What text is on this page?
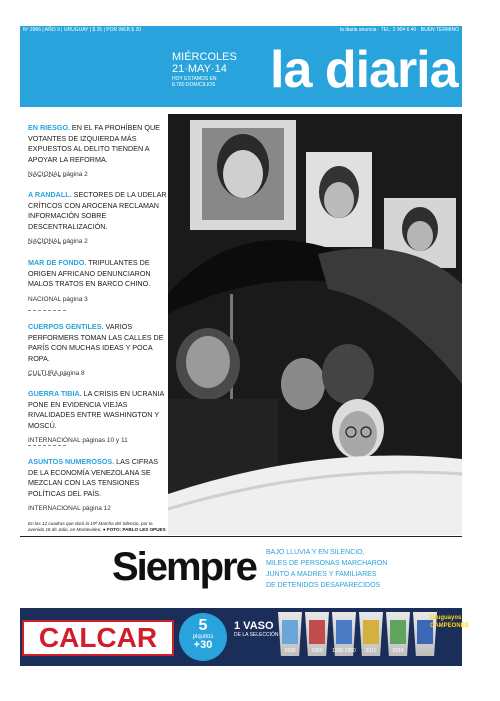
Nº 2966 | AÑO 9 | URUGUAY | $ 35 | POR WEB $ 20	la diaria anuncia · TEL: 2 904 6 40 · BUEN TÉRMINO
MIÉRCOLES
21·MAY·14
HOY ESTAMOS EN
8.780 DOMICILIOS	la diaria
EN RIESGO. EN EL FA PROHÍBEN QUE VOTANTES DE IZQUIERDA MÁS EXPUESTOS AL DELITO TIENDEN A APOYAR LA REFORMA.
NACIONAL página 2
A RANDALL. SECTORES DE LA UDELAR CRÍTICOS CON AROCENA RECLAMAN INFORMACIÓN SOBRE DESCENTRALIZACIÓN.
NACIONAL página 2
MAR DE FONDO. TRIPULANTES DE ORIGEN AFRICANO DENUNCIARON MALOS TRATOS EN BARCO CHINO.
NACIONAL página 3
CUERPOS GENTILES. VARIOS PERFORMERS TOMAN LAS CALLES DE PARÍS CON MUCHAS IDEAS Y POCA ROPA.
CULTURA página 8
GUERRA TIBIA. LA CRISIS EN UCRANIA PONE EN EVIDENCIA VIEJAS RIVALIDADES ENTRE WASHINGTON Y MOSCÚ.
INTERNACIONAL páginas 10 y 11
ASUNTOS NUMEROSOS. LAS CIFRAS DE LA ECONOMÍA VENEZOLANA SE MEZCLAN CON LAS TENSIONES POLÍTICAS DEL PAÍS.
INTERNACIONAL página 12
En las 12 cuadras que duró la 19ª Marcha del Silencio, por la avenida 18 de Julio, en Montevideo. ● FOTO: PABLO LES OPUES
Siempre BAJO LLUVIA Y EN SILENCIO,
MILES DE PERSONAS MARCHARON
JUNTO A MADRES Y FAMILIARES
DE DETENIDOS DESAPARECIDOS
CALCAR	5
piquitos
+30
1 VASO
DE LA SELECCIÓN
1930	1950	1930 1950	2011	2014
Uruguayos
CAMPEONES
